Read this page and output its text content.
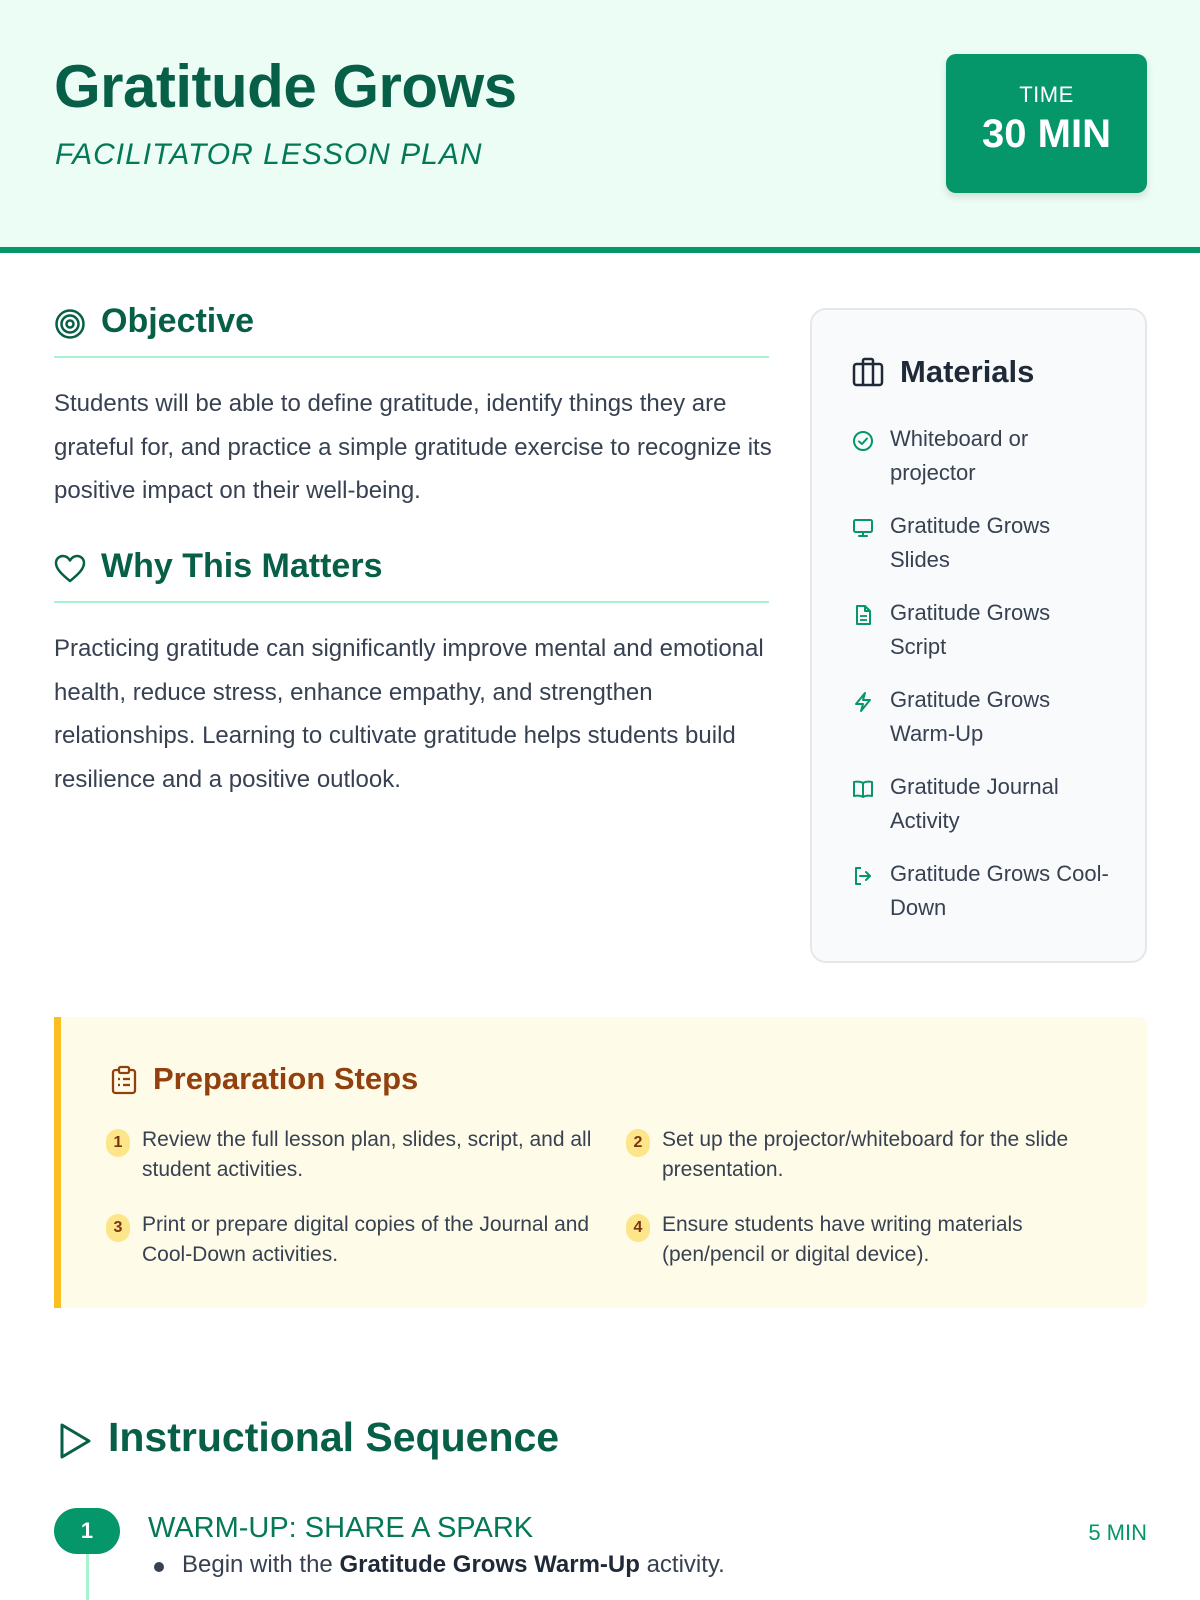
Gratitude Grows
FACILITATOR LESSON PLAN
TIME
30 MIN
Objective
Students will be able to define gratitude, identify things they are grateful for, and practice a simple gratitude exercise to recognize its positive impact on their well-being.
Why This Matters
Practicing gratitude can significantly improve mental and emotional health, reduce stress, enhance empathy, and strengthen relationships. Learning to cultivate gratitude helps students build resilience and a positive outlook.
Materials
Whiteboard or projector
Gratitude Grows Slides
Gratitude Grows Script
Gratitude Grows Warm-Up
Gratitude Journal Activity
Gratitude Grows Cool-Down
Preparation Steps
1 Review the full lesson plan, slides, script, and all student activities.
2 Set up the projector/whiteboard for the slide presentation.
3 Print or prepare digital copies of the Journal and Cool-Down activities.
4 Ensure students have writing materials (pen/pencil or digital device).
Instructional Sequence
1	WARM-UP: SHARE A SPARK	5 MIN
Begin with the Gratitude Grows Warm-Up activity.
